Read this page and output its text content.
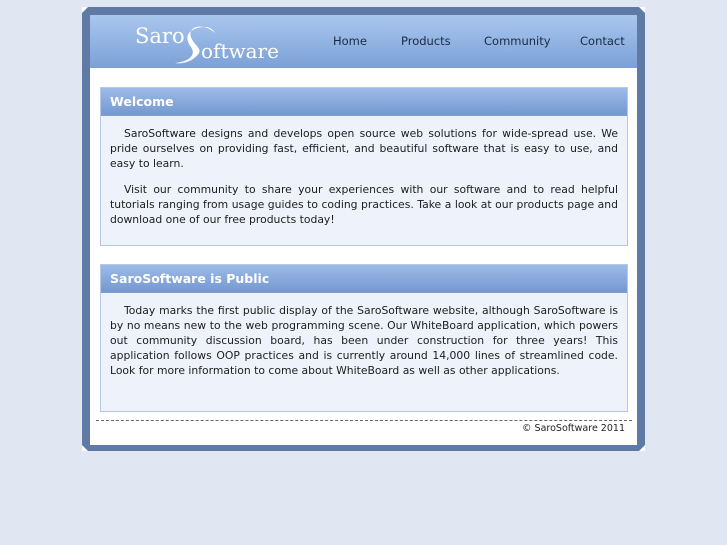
Saro
oftware	Home	Products	Community	Contact
Welcome

SaroSoftware designs and develops open source web solutions for wide-spread use. We pride ourselves on providing fast, efficient, and beautiful software that is easy to use, and easy to learn.

Visit our community to share your experiences with our software and to read helpful tutorials ranging from usage guides to coding practices. Take a look at our products page and download one of our free products today!

SaroSoftware is Public

Today marks the first public display of the SaroSoftware website, although SaroSoftware is by no means new to the web programming scene. Our WhiteBoard application, which powers out community discussion board, has been under construction for three years! This application follows OOP practices and is currently around 14,000 lines of streamlined code. Look for more information to come about WhiteBoard as well as other applications.

© SaroSoftware 2011
